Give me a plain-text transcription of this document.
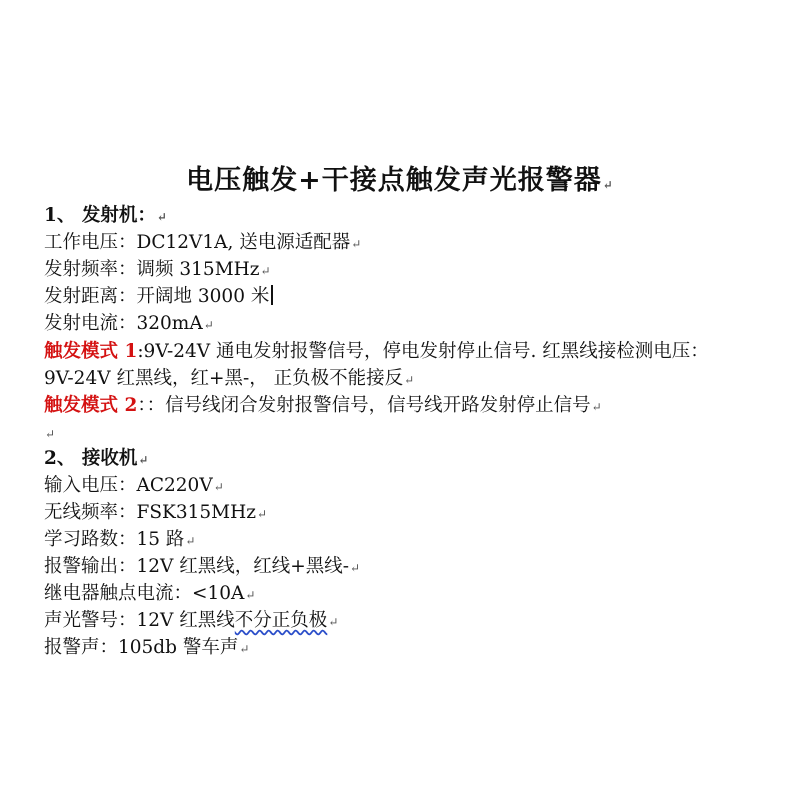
电压触发+干接点触发声光报警器↵
1、 发射机：↵
工作电压：DC12V1A, 送电源适配器↵
发射频率：调频 315MHz↵
发射距离：开阔地 3000 米
发射电流：320mA↵
触发模式 1:9V-24V 通电发射报警信号，停电发射停止信号. 红黑线接检测电压：
9V-24V 红黑线，红+黑-， 正负极不能接反↵
触发模式 2：：信号线闭合发射报警信号，信号线开路发射停止信号↵
↵
2、 接收机↵
输入电压：AC220V↵
无线频率：FSK315MHz↵
学习路数：15 路↵
报警输出：12V 红黑线，红线+黑线-↵
继电器触点电流：<10A↵
声光警号：12V 红黑线不分正负极↵
报警声：105db 警车声↵
